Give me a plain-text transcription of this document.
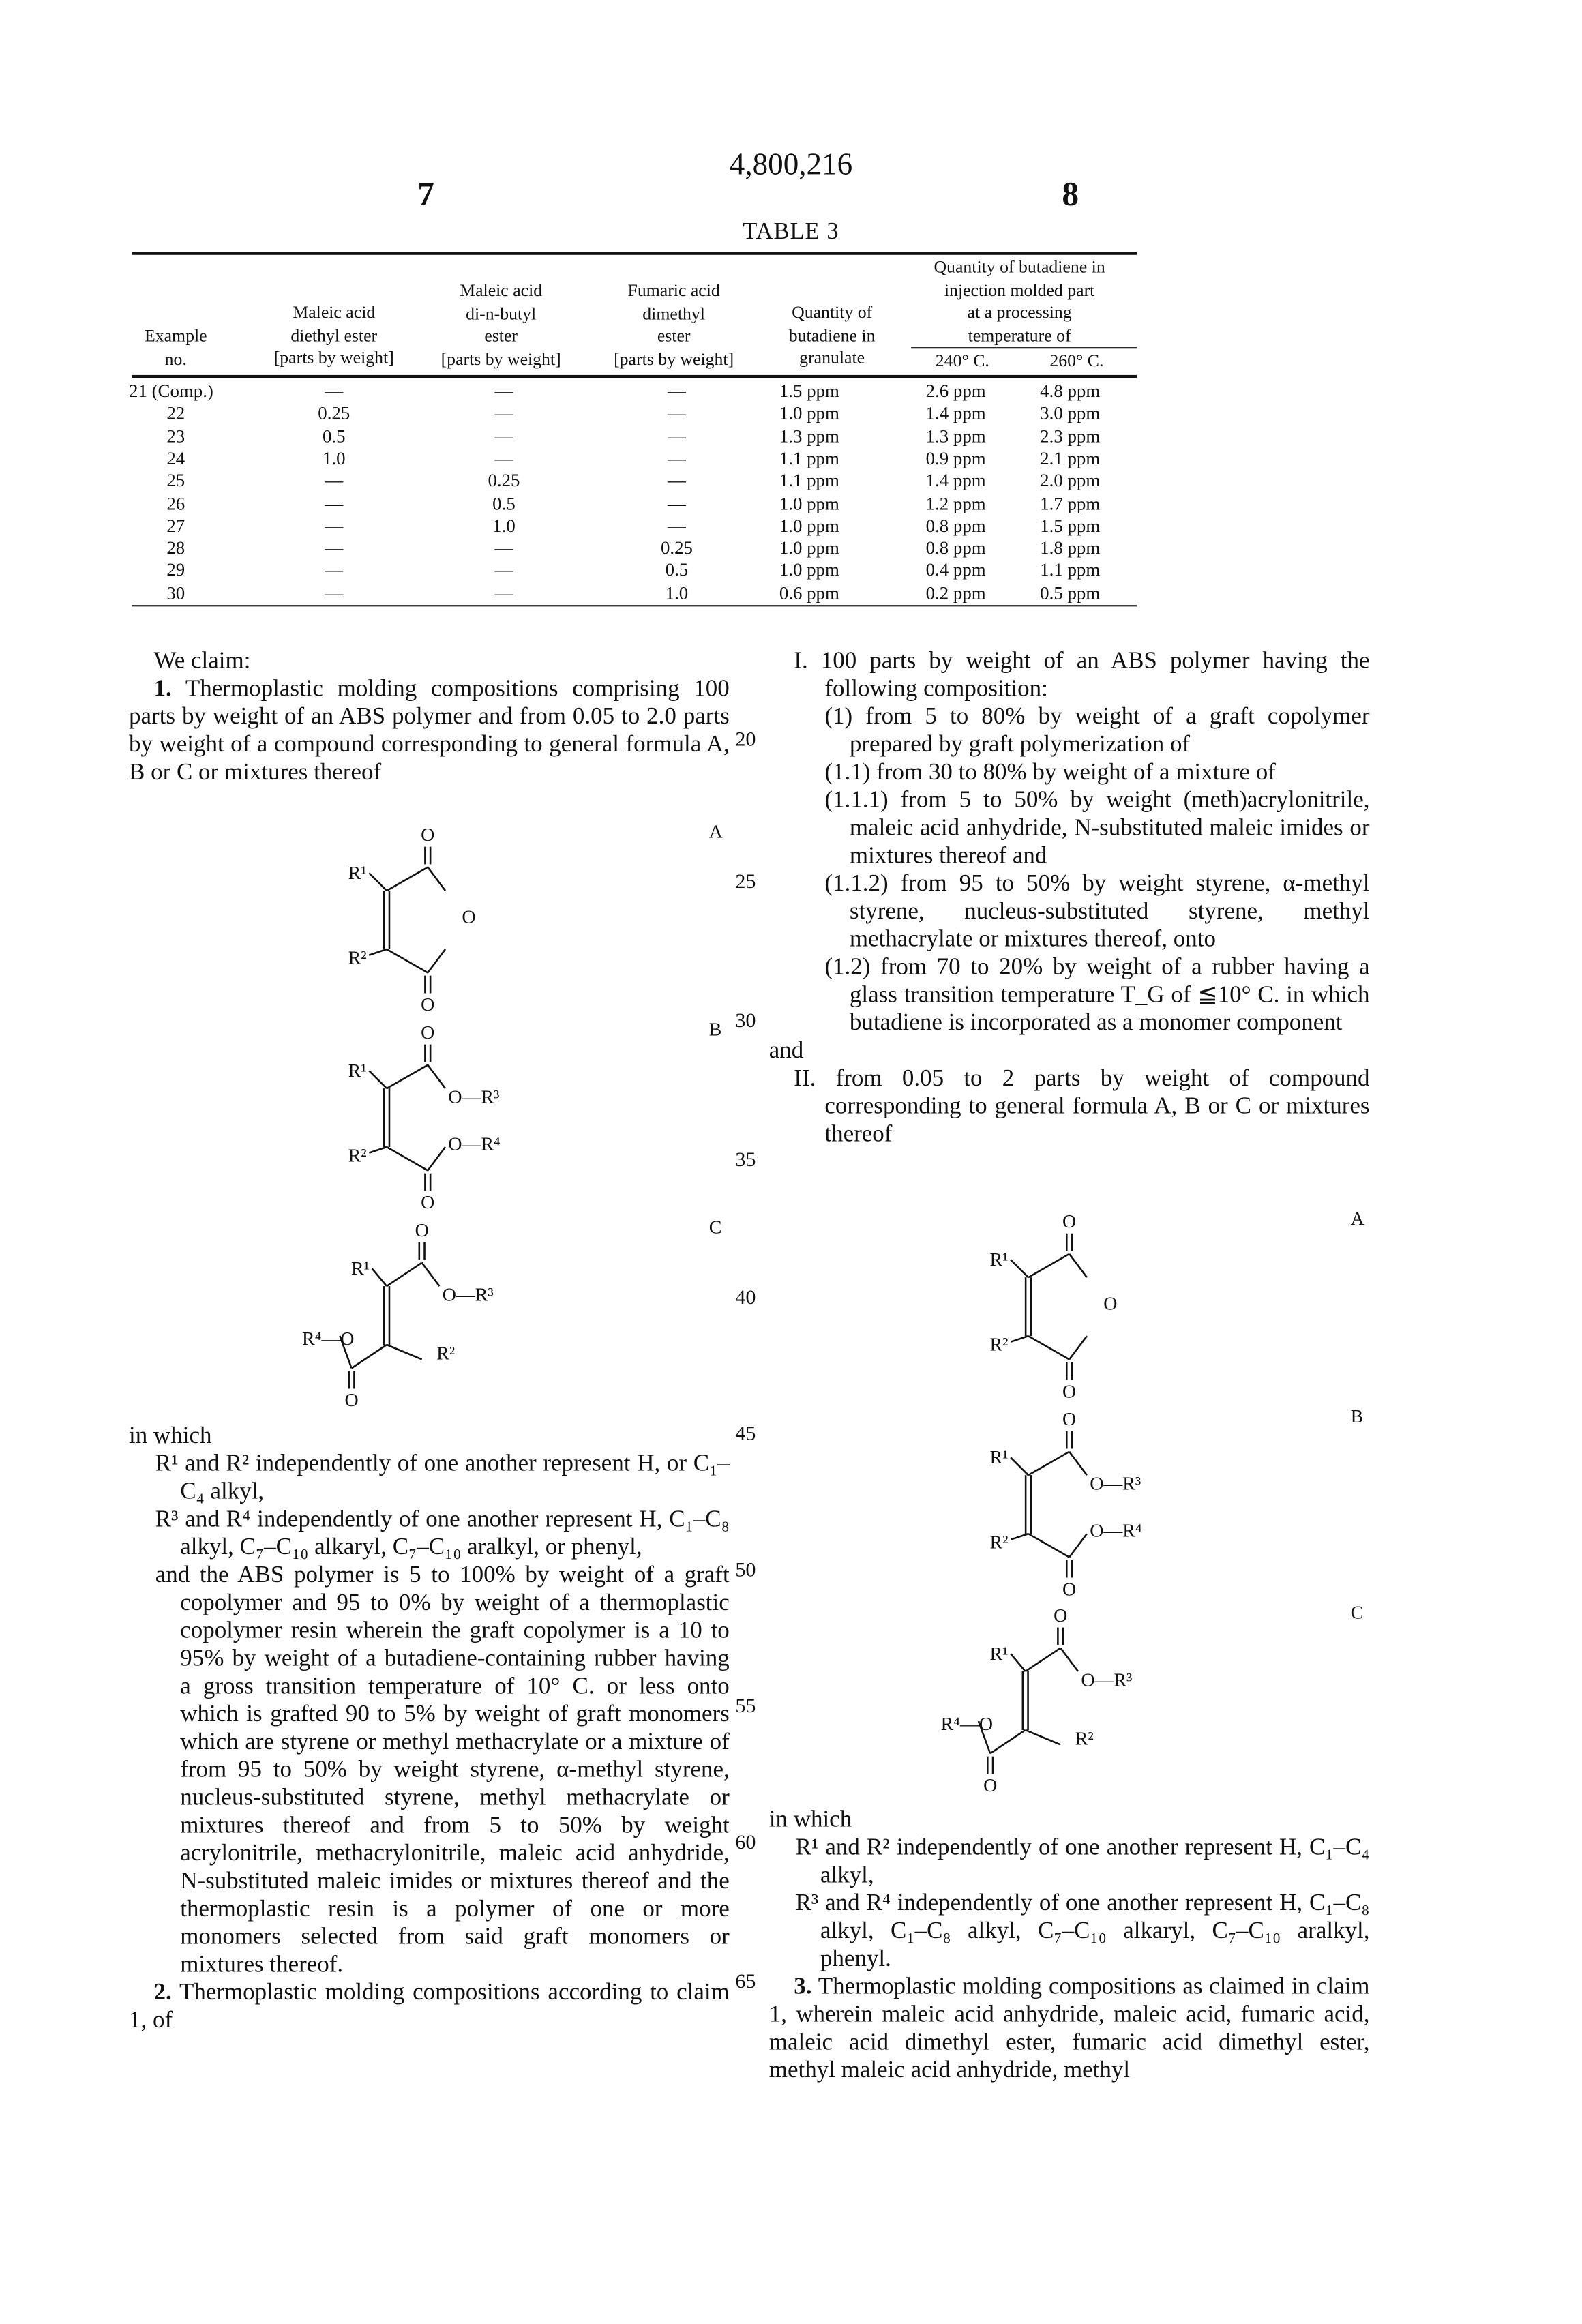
4,800,216
7	8
TABLE 3
Example
no.
Maleic acid
diethyl ester
[parts by weight]
Maleic acid
di-n-butyl
ester
[parts by weight]
Fumaric acid
dimethyl
ester
[parts by weight]
Quantity of
butadiene in
granulate
Quantity of butadiene in
injection molded part
at a processing
temperature of
240° C.	260° C.
21 (Comp.)	—	—	—	1.5 ppm	2.6 ppm	4.8 ppm
22	0.25	—	—	1.0 ppm	1.4 ppm	3.0 ppm
23	0.5	—	—	1.3 ppm	1.3 ppm	2.3 ppm
24	1.0	—	—	1.1 ppm	0.9 ppm	2.1 ppm
25	—	0.25	—	1.1 ppm	1.4 ppm	2.0 ppm
26	—	0.5	—	1.0 ppm	1.2 ppm	1.7 ppm
27	—	1.0	—	1.0 ppm	0.8 ppm	1.5 ppm
28	—	—	0.25	1.0 ppm	0.8 ppm	1.8 ppm
29	—	—	0.5	1.0 ppm	0.4 ppm	1.1 ppm
30	—	—	1.0	0.6 ppm	0.2 ppm	0.5 ppm

We claim:

1. Thermoplastic molding compositions comprising 100 parts by weight of an ABS polymer and from 0.05 to 2.0 parts by weight of a compound corresponding to general formula A, B or C or mixtures thereof

in which

R¹ and R² independently of one another represent H, or C₁–C₄ alkyl,

R³ and R⁴ independently of one another represent H, C₁–C₈ alkyl, C₇–C₁₀ alkaryl, C₇–C₁₀ aralkyl, or phenyl,

and the ABS polymer is 5 to 100% by weight of a graft copolymer and 95 to 0% by weight of a thermoplastic copolymer resin wherein the graft copolymer is a 10 to 95% by weight of a butadiene-containing rubber having a gross transition temperature of 10° C. or less onto which is grafted 90 to 5% by weight of graft monomers which are styrene or methyl methacrylate or a mixture of from 95 to 50% by weight styrene, α-methyl styrene, nucleus-substituted styrene, methyl methacrylate or mixtures thereof and from 5 to 50% by weight acrylonitrile, methacrylonitrile, maleic acid anhydride, N-substituted maleic imides or mixtures thereof and the thermoplastic resin is a polymer of one or more monomers selected from said graft monomers or mixtures thereof.

2. Thermoplastic molding compositions according to claim 1, of

I. 100 parts by weight of an ABS polymer having the following composition:

(1) from 5 to 80% by weight of a graft copolymer prepared by graft polymerization of

(1.1) from 30 to 80% by weight of a mixture of

(1.1.1) from 5 to 50% by weight (meth)acrylonitrile, maleic acid anhydride, N-substituted maleic imides or mixtures thereof and

(1.1.2) from 95 to 50% by weight styrene, α-methyl styrene, nucleus-substituted styrene, methyl methacrylate or mixtures thereof, onto

(1.2) from 70 to 20% by weight of a rubber having a glass transition temperature T_G of ≦10° C. in which butadiene is incorporated as a monomer component

and

II. from 0.05 to 2 parts by weight of compound corresponding to general formula A, B or C or mixtures thereof

in which

R¹ and R² independently of one another represent H, C₁–C₄ alkyl,

R³ and R⁴ independently of one another represent H, C₁–C₈ alkyl, C₁–C₈ alkyl, C₇–C₁₀ alkaryl, C₇–C₁₀ aralkyl, phenyl.

3. Thermoplastic molding compositions as claimed in claim 1, wherein maleic acid anhydride, maleic acid, fumaric acid, maleic acid dimethyl ester, fumaric acid dimethyl ester, methyl maleic acid anhydride, methyl

20
25
30
35
40
45
50
55
60
65
O
R¹
O
R²
O
A
O
R¹
O—R³
R²
O—R⁴
O
B
O
R¹
O—R³
R²
R⁴—O
O
C	O
R¹
O
R²
O
A
O
R¹
O—R³
R²
O—R⁴
O
B
O
R¹
O—R³
R²
R⁴—O
O
C
